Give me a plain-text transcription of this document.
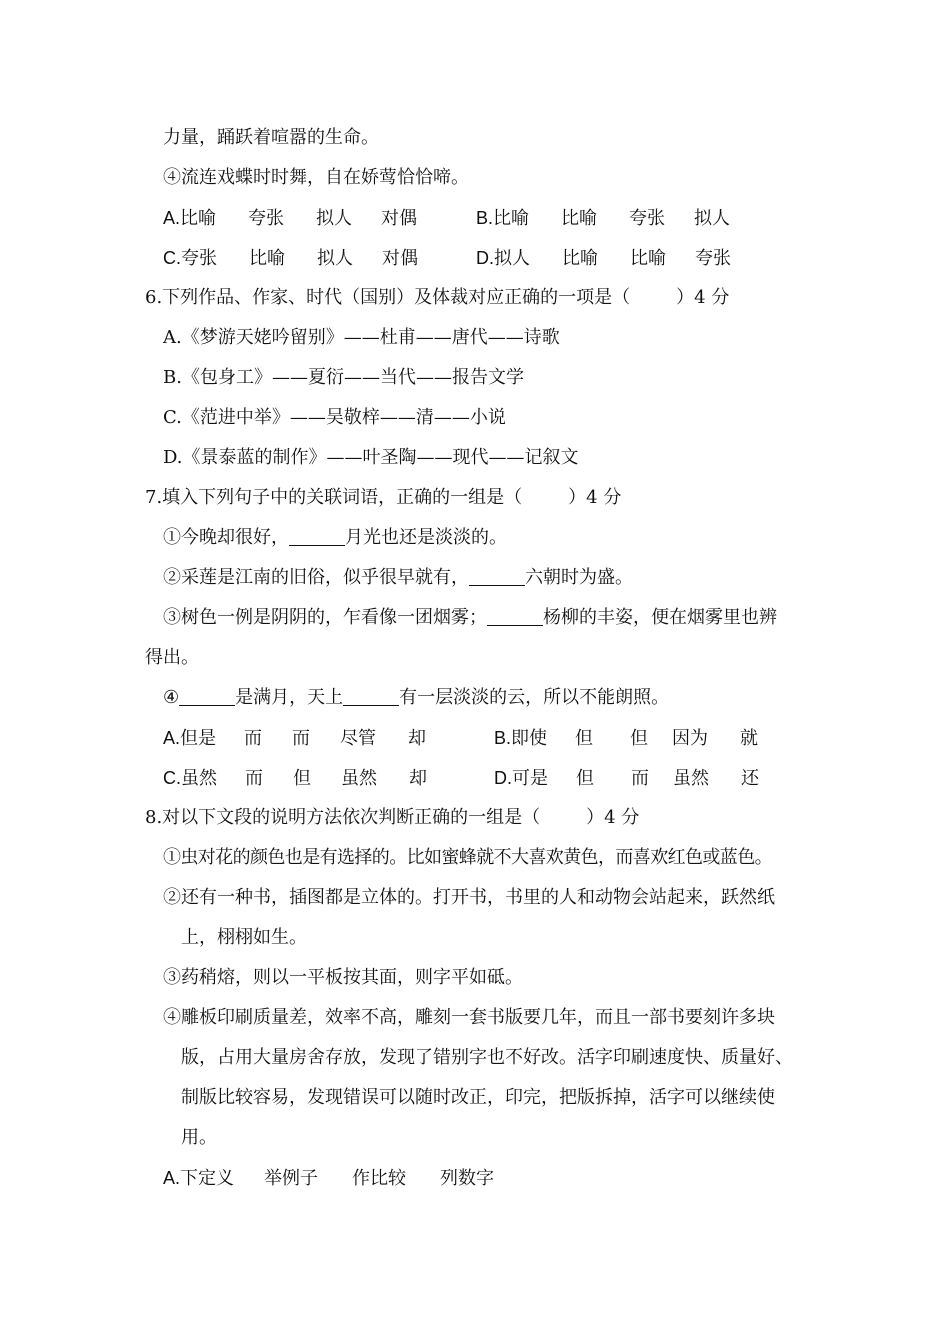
力量，踊跃着喧嚣的生命。
④流连戏蝶时时舞，自在娇莺恰恰啼。
A.比喻 夸张 拟人 对偶	B.比喻 比喻 夸张 拟人
C.夸张 比喻 拟人 对偶	D.拟人 比喻 比喻 夸张
6.下列作品、作家、时代（国别）及体裁对应正确的一项是（	）4 分
A.《梦游天姥吟留别》——杜甫——唐代——诗歌
B.《包身工》——夏衍——当代——报告文学
C.《范进中举》——吴敬梓——清——小说
D.《景泰蓝的制作》——叶圣陶——现代——记叙文
7.填入下列句子中的关联词语，正确的一组是（	）4 分
①今晚却很好，	月光也还是淡淡的。
②采莲是江南的旧俗，似乎很早就有，	六朝时为盛。
③树色一例是阴阴的，乍看像一团烟雾；	杨柳的丰姿，便在烟雾里也辨
得出。
④	是满月，天上	有一层淡淡的云，所以不能朗照。
A.但是 而 而 尽管 却	B.即使 但 但 因为 就
C.虽然 而 但 虽然 却	D.可是 但 而 虽然 还
8.对以下文段的说明方法依次判断正确的一组是（	）4 分
①虫对花的颜色也是有选择的。比如蜜蜂就不大喜欢黄色，而喜欢红色或蓝色。
②还有一种书，插图都是立体的。打开书，书里的人和动物会站起来，跃然纸
上，栩栩如生。
③药稍熔，则以一平板按其面，则字平如砥。
④雕板印刷质量差，效率不高，雕刻一套书版要几年，而且一部书要刻许多块
版，占用大量房舍存放，发现了错别字也不好改。活字印刷速度快、质量好、
制版比较容易，发现错误可以随时改正，印完，把版拆掉，活字可以继续使
用。
A.下定义 举例子 作比较 列数字
